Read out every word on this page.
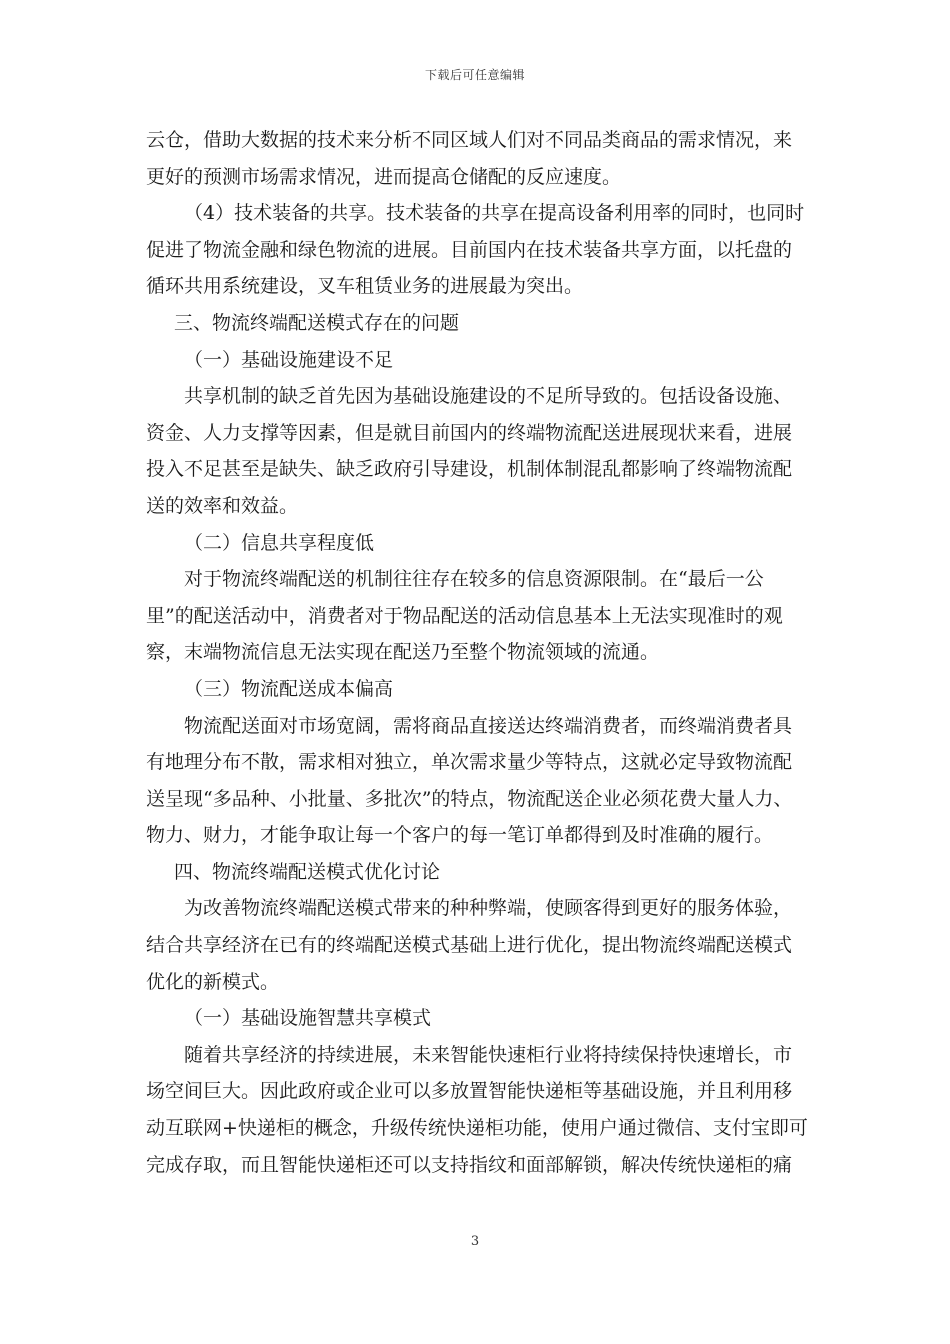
下载后可任意编辑
云仓，借助大数据的技术来分析不同区域人们对不同品类商品的需求情况，来
更好的预测市场需求情况，进而提高仓储配的反应速度。
（4）技术装备的共享。技术装备的共享在提高设备利用率的同时，也同时
促进了物流金融和绿色物流的进展。目前国内在技术装备共享方面，以托盘的
循环共用系统建设，叉车租赁业务的进展最为突出。
三、物流终端配送模式存在的问题
（一）基础设施建设不足
共享机制的缺乏首先因为基础设施建设的不足所导致的。包括设备设施、
资金、人力支撑等因素，但是就目前国内的终端物流配送进展现状来看，进展
投入不足甚至是缺失、缺乏政府引导建设，机制体制混乱都影响了终端物流配
送的效率和效益。
（二）信息共享程度低
对于物流终端配送的机制往往存在较多的信息资源限制。在“最后一公
里”的配送活动中，消费者对于物品配送的活动信息基本上无法实现准时的观
察，末端物流信息无法实现在配送乃至整个物流领域的流通。
（三）物流配送成本偏高
物流配送面对市场宽阔，需将商品直接送达终端消费者，而终端消费者具
有地理分布不散，需求相对独立，单次需求量少等特点，这就必定导致物流配
送呈现“多品种、小批量、多批次”的特点，物流配送企业必须花费大量人力、
物力、财力，才能争取让每一个客户的每一笔订单都得到及时准确的履行。
四、物流终端配送模式优化讨论
为改善物流终端配送模式带来的种种弊端，使顾客得到更好的服务体验，
结合共享经济在已有的终端配送模式基础上进行优化，提出物流终端配送模式
优化的新模式。
（一）基础设施智慧共享模式
随着共享经济的持续进展，未来智能快速柜行业将持续保持快速增长，市
场空间巨大。因此政府或企业可以多放置智能快递柜等基础设施，并且利用移
动互联网+快递柜的概念，升级传统快递柜功能，使用户通过微信、支付宝即可
完成存取，而且智能快递柜还可以支持指纹和面部解锁，解决传统快递柜的痛
3
